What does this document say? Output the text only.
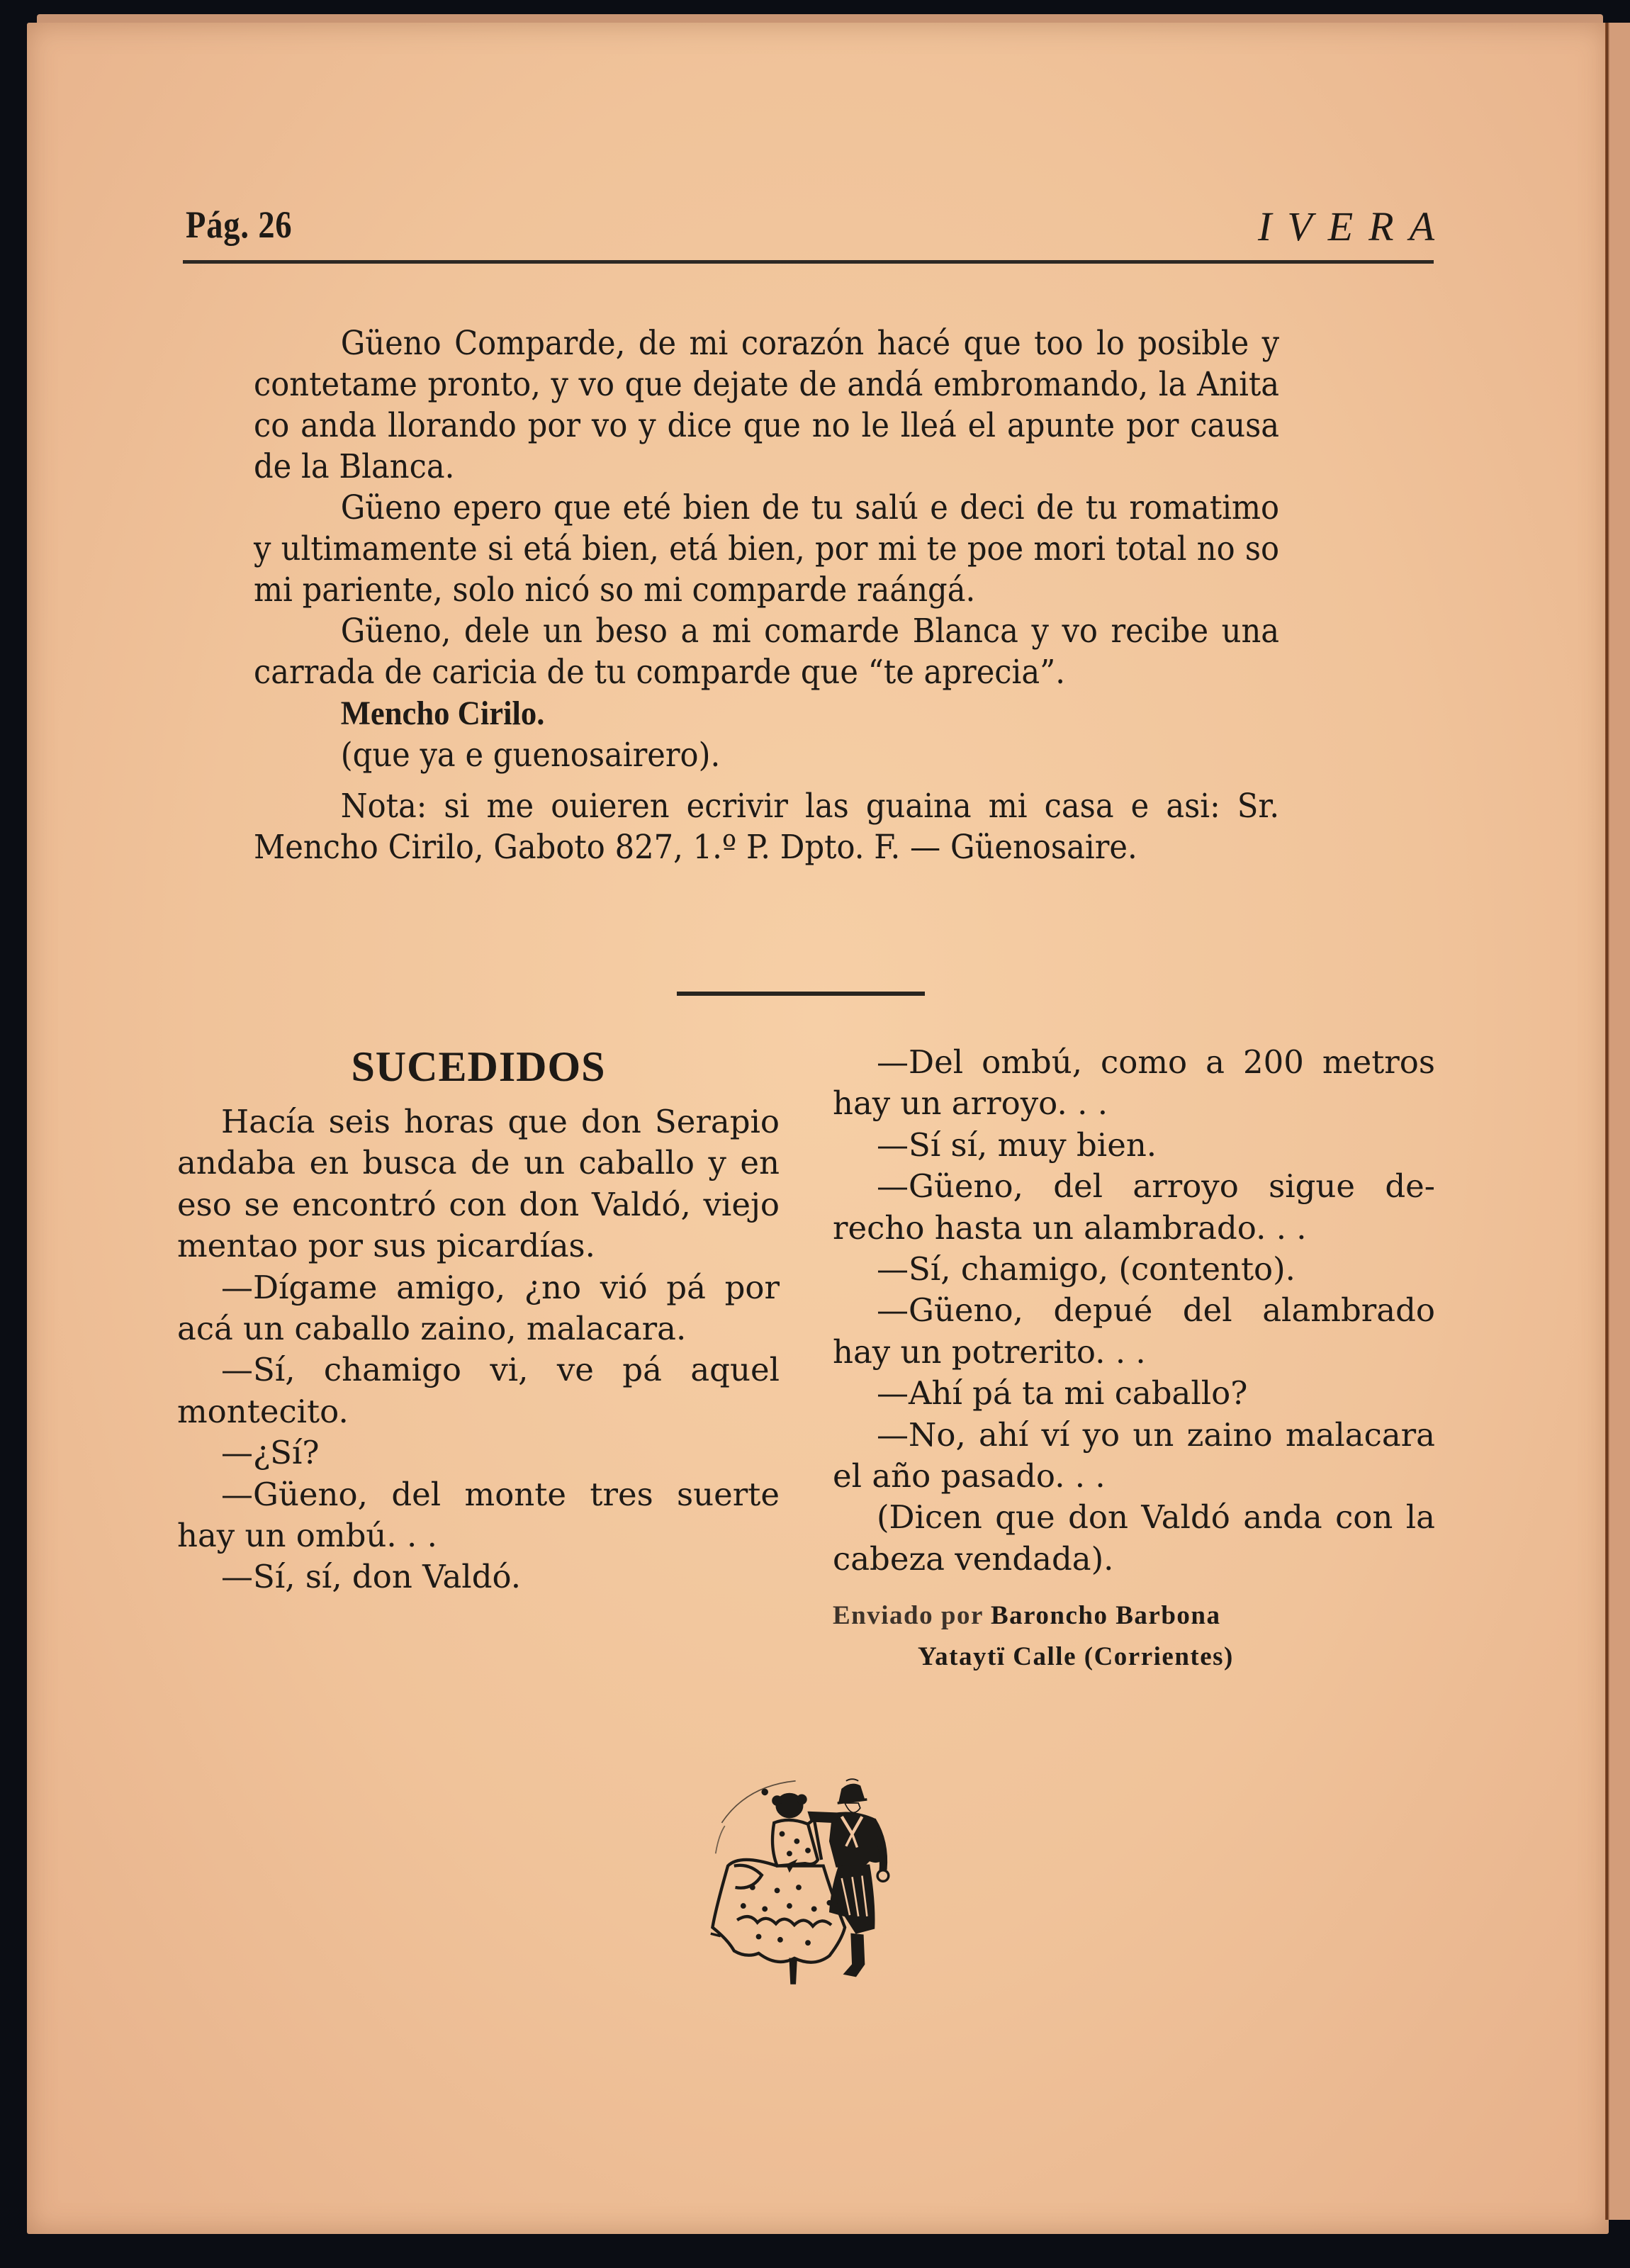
Pág. 26	IVERA

Güeno Comparde, de mi corazón hacé que too lo posible y contetame pronto, y vo que dejate de andá embromando, la Anita co anda llorando por vo y dice que no le lleá el apunte por causa de la Blanca.

Güeno epero que eté bien de tu salú e deci de tu romatimo y ultimamente si etá bien, etá bien, por mi te poe mori total no so mi pariente, solo nicó so mi comparde raángá.

Güeno, dele un beso a mi comarde Blanca y vo recibe una carrada de caricia de tu comparde que “te aprecia”.

Mencho Cirilo.

(que ya e guenosairero).

Nota: si me ouieren ecrivir las guaina mi casa e asi: Sr. Mencho Cirilo, Gaboto 827, 1.º P. Dpto. F. — Güenosaire.

SUCEDIDOS

Hacía seis horas que don Serapio andaba en busca de un caballo y en eso se encontró con don Valdó, viejo mentao por sus picardías.

—Dígame amigo, ¿no vió pá por acá un caballo zaino, malacara.

—Sí, chamigo vi, ve pá aquel montecito.

—¿Sí?

—Güeno, del monte tres suerte hay un ombú. . .

—Sí, sí, don Valdó.

—Del ombú, como a 200 metros hay un arroyo. . .

—Sí sí, muy bien.

—Güeno, del arroyo sigue derecho hasta un alambrado. . .

—Sí, chamigo, (contento).

—Güeno, depué del alambrado hay un potrerito. . .

—Ahí pá ta mi caballo?

—No, ahí ví yo un zaino malacara el año pasado. . .

(Dicen que don Valdó anda con la cabeza vendada).

Enviado por Baroncho Barbona

Yataytï Calle (Corrientes)
